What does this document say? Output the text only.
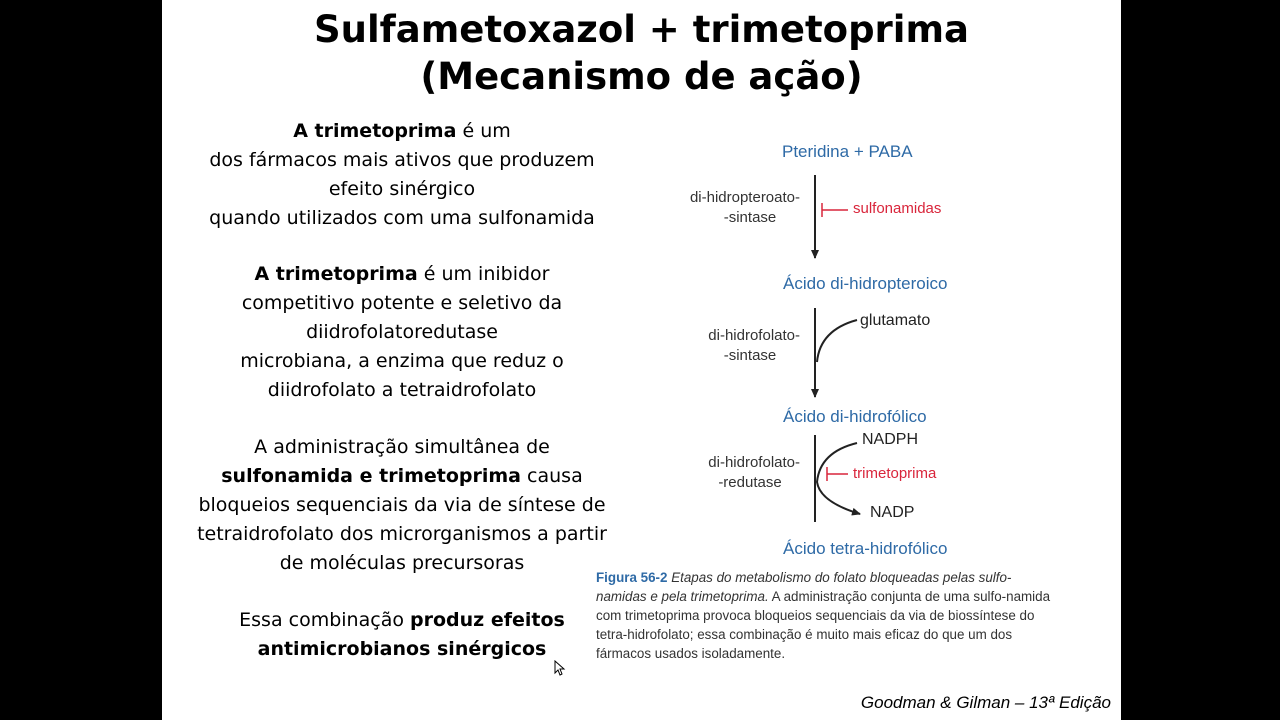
Sulfametoxazol + trimetoprima
(Mecanismo de ação)
A trimetoprima é um
dos fármacos mais ativos que produzem
efeito sinérgico
quando utilizados com uma sulfonamida
A trimetoprima é um inibidor
competitivo potente e seletivo da
diidrofolatoredutase
microbiana, a enzima que reduz o
diidrofolato a tetraidrofolato
A administração simultânea de
sulfonamida e trimetoprima causa
bloqueios sequenciais da via de síntese de
tetraidrofolato dos microrganismos a partir
de moléculas precursoras
Essa combinação produz efeitos
antimicrobianos sinérgicos
Pteridina + PABA
di-hidropteroato-
-sintase
sulfonamidas
Ácido di-hidropteroico
di-hidrofolato-
-sintase
glutamato
Ácido di-hidrofólico
NADPH
di-hidrofolato-
-redutase
trimetoprima
NADP
Ácido tetra-hidrofólico
Figura 56-2 Etapas do metabolismo do folato bloqueadas pelas sulfo-namidas e pela trimetoprima. A administração conjunta de uma sulfo-namida com trimetoprima provoca bloqueios sequenciais da via de biossíntese do tetra-hidrofolato; essa combinação é muito mais eficaz do que um dos fármacos usados isoladamente.
Goodman & Gilman – 13ª Edição
